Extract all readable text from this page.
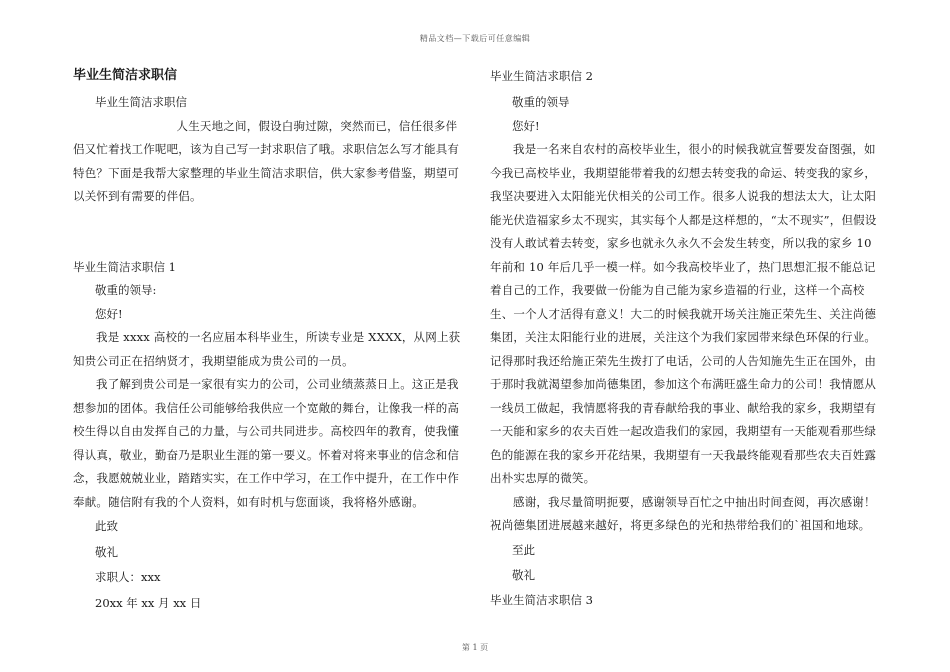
精品文档—下载后可任意编辑
毕业生简洁求职信
毕业生简洁求职信
人生天地之间，假设白驹过隙，突然而已，信任很多伴侣又忙着找工作呢吧，该为自己写一封求职信了哦。求职信怎么写才能具有特色？下面是我帮大家整理的毕业生简洁求职信，供大家参考借鉴，期望可以关怀到有需要的伴侣。
毕业生简洁求职信 1
敬重的领导:
您好!
我是 xxxx 高校的一名应届本科毕业生，所读专业是 XXXX，从网上获知贵公司正在招纳贤才，我期望能成为贵公司的一员。
我了解到贵公司是一家很有实力的公司，公司业绩蒸蒸日上。这正是我想参加的团体。我信任公司能够给我供应一个宽敞的舞台，让像我一样的高校生得以自由发挥自己的力量，与公司共同进步。高校四年的教育，使我懂得认真，敬业，勤奋乃是职业生涯的第一要义。怀着对将来事业的信念和信念，我愿兢兢业业，踏踏实实，在工作中学习，在工作中提升，在工作中作奉献。随信附有我的个人资料，如有时机与您面谈，我将格外感谢。
此致
敬礼
求职人：xxx
20xx 年 xx 月 xx 日
毕业生简洁求职信 2
敬重的领导
您好!
我是一名来自农村的高校毕业生，很小的时候我就宣誓要发奋图强，如今我已高校毕业，我期望能带着我的幻想去转变我的命运、转变我的家乡，我坚决要进入太阳能光伏相关的公司工作。很多人说我的想法太大，让太阳能光伏造福家乡太不现实，其实每个人都是这样想的，“太不现实”，但假设没有人敢试着去转变，家乡也就永久永久不会发生转变，所以我的家乡 10 年前和 10 年后几乎一模一样。如今我高校毕业了，热门思想汇报不能总记着自己的工作，我要做一份能为自己能为家乡造福的行业，这样一个高校生、一个人才活得有意义！大二的时候我就开场关注施正荣先生、关注尚德集团，关注太阳能行业的进展，关注这个为我们家园带来绿色环保的行业。记得那时我还给施正荣先生拨打了电话，公司的人告知施先生正在国外，由于那时我就渴望参加尚德集团，参加这个布满旺盛生命力的公司！我情愿从一线员工做起，我情愿将我的青春献给我的事业、献给我的家乡，我期望有一天能和家乡的农夫百姓一起改造我们的家园，我期望有一天能观看那些绿色的能源在我的家乡开花结果，我期望有一天我最终能观看那些农夫百姓露出朴实忠厚的微笑。
感谢，我尽量简明扼要，感谢领导百忙之中抽出时间查阅，再次感谢！祝尚德集团进展越来越好，将更多绿色的光和热带给我们的`祖国和地球。
至此
敬礼
毕业生简洁求职信 3
第 1 页
